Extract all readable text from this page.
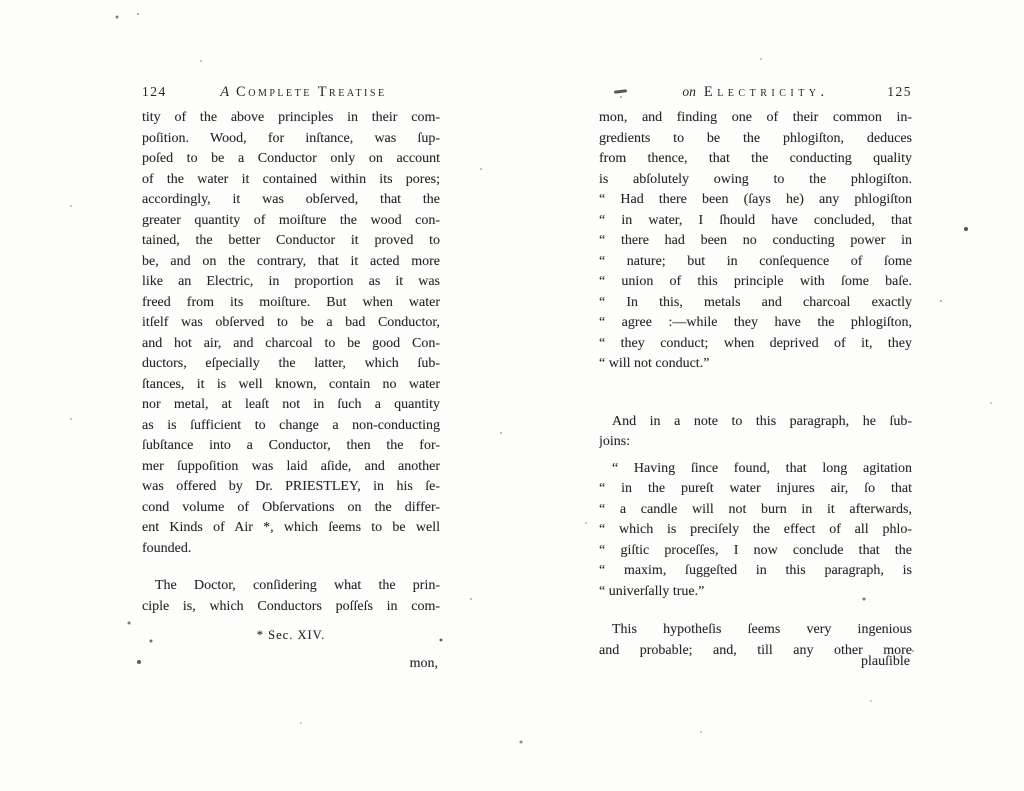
124	A Complete Treatise
tity of the above principles in their com-
poſition. Wood, for inſtance, was ſup-
poſed to be a Conductor only on account
of the water it contained within its pores;
accordingly, it was obſerved, that the
greater quantity of moiſture the wood con-
tained, the better Conductor it proved to
be, and on the contrary, that it acted more
like an Electric, in proportion as it was
freed from its moiſture. But when water
itſelf was obſerved to be a bad Conductor,
and hot air, and charcoal to be good Con-
ductors, eſpecially the latter, which ſub-
ſtances, it is well known, contain no water
nor metal, at leaſt not in ſuch a quantity
as is ſufficient to change a non-conducting
ſubſtance into a Conductor, then the for-
mer ſuppoſition was laid aſide, and another
was offered by Dr. PRIESTLEY, in his ſe-
cond volume of Obſervations on the differ-
ent Kinds of Air *, which ſeems to be well
founded.
The Doctor, conſidering what the prin-
ciple is, which Conductors poſſeſs in com-
* Sec. XIV.
mon,
on Electricity.	125
mon, and finding one of their common in-
gredients to be the phlogiſton, deduces
from thence, that the conducting quality
is abſolutely owing to the phlogiſton.
“ Had there been (ſays he) any phlogiſton
“ in water, I ſhould have concluded, that
“ there had been no conducting power in
“ nature; but in conſequence of ſome
“ union of this principle with ſome baſe.
“ In this, metals and charcoal exactly
“ agree :—while they have the phlogiſton,
“ they conduct; when deprived of it, they
“ will not conduct.”
And in a note to this paragraph, he ſub-
joins:
“ Having ſince found, that long agitation
“ in the pureſt water injures air, ſo that
“ a candle will not burn in it afterwards,
“ which is preciſely the effect of all phlo-
“ giſtic proceſſes, I now conclude that the
“ maxim, ſuggeſted in this paragraph, is
“ univerſally true.”
This hypotheſis ſeems very ingenious
and probable; and, till any other more
plauſible
